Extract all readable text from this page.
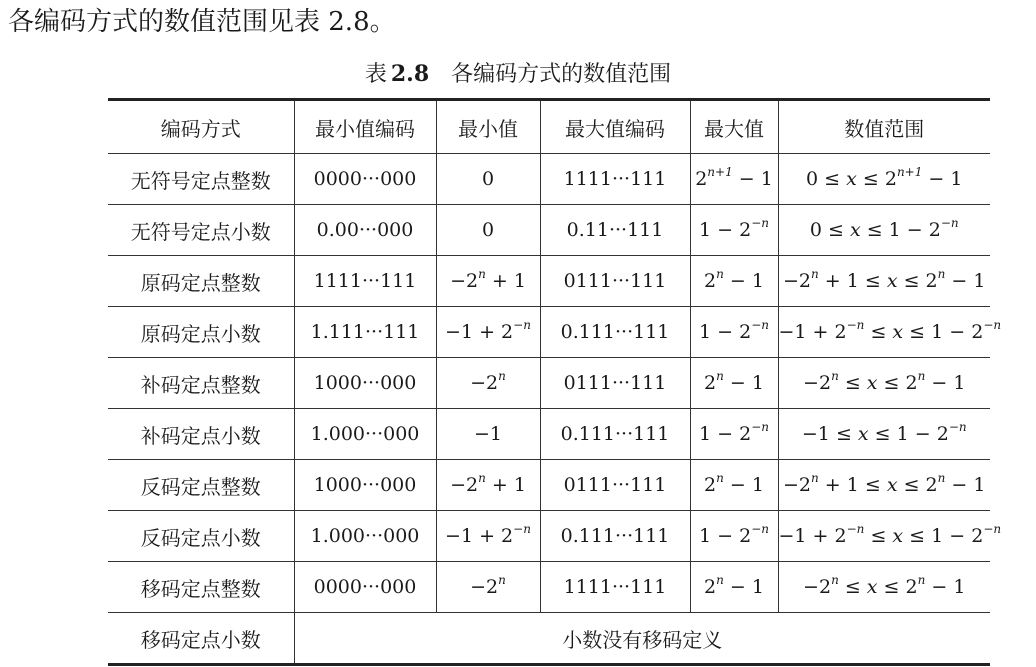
各编码方式的数值范围见表 2.8。
表 2.8 各编码方式的数值范围
编码方式	最小值编码	最小值	最大值编码	最大值	数值范围
无符号定点整数	0000···000	0	1111···111	$2^{n+1} - 1$	$0 \le x \le 2^{n+1} - 1$
无符号定点小数	0.00···000	0	0.11···111	$1 - 2^{-n}$	$0 \le x \le 1 - 2^{-n}$
原码定点整数	1111···111	$-2^n + 1$	0111···111	$2^n - 1$	$-2^n + 1 \le x \le 2^n - 1$
原码定点小数	1.111···111	$-1 + 2^{-n}$	0.111···111	$1 - 2^{-n}$	$-1 + 2^{-n} \le x \le 1 - 2^{-n}$
补码定点整数	1000···000	$-2^n$	0111···111	$2^n - 1$	$-2^n \le x \le 2^n - 1$
补码定点小数	1.000···000	−1	0.111···111	$1 - 2^{-n}$	$-1 \le x \le 1 - 2^{-n}$
反码定点整数	1000···000	$-2^n + 1$	0111···111	$2^n - 1$	$-2^n + 1 \le x \le 2^n - 1$
反码定点小数	1.000···000	$-1 + 2^{-n}$	0.111···111	$1 - 2^{-n}$	$-1 + 2^{-n} \le x \le 1 - 2^{-n}$
移码定点整数	0000···000	$-2^n$	1111···111	$2^n - 1$	$-2^n \le x \le 2^n - 1$
移码定点小数	小数没有移码定义				
